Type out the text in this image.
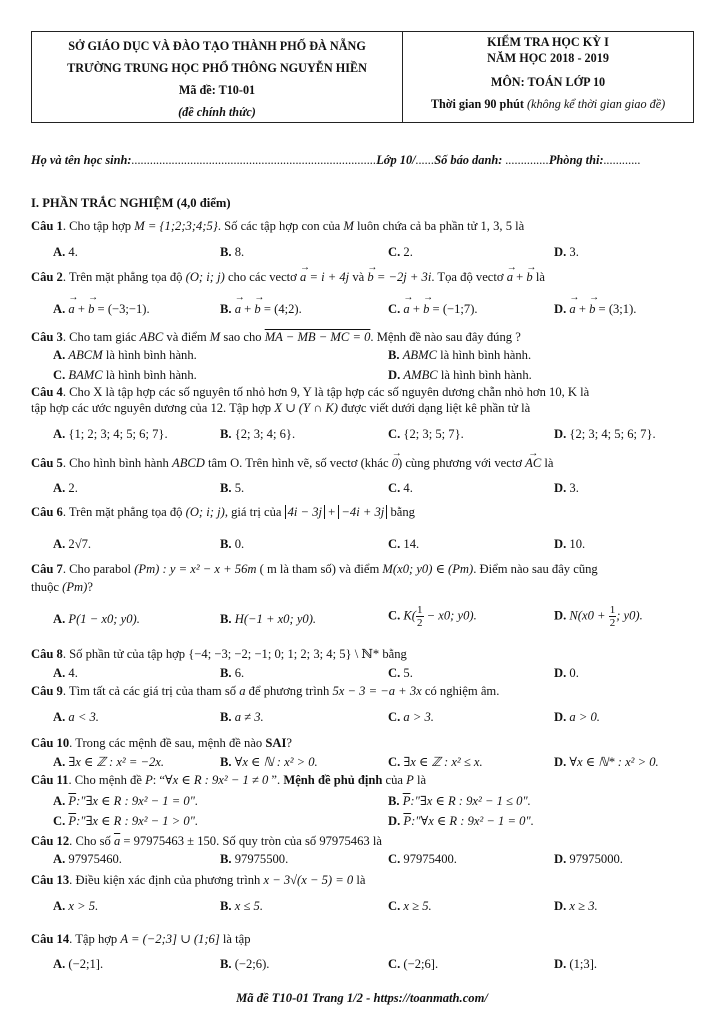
SỞ GIÁO DỤC VÀ ĐÀO TẠO THÀNH PHỐ ĐÀ NẴNG
TRƯỜNG TRUNG HỌC PHỔ THÔNG NGUYỄN HIỀN
Mã đề: T10-01
(đề chính thức)
KIỂM TRA HỌC KỲ I
NĂM HỌC 2018 - 2019
MÔN: TOÁN LỚP 10
Thời gian 90 phút (không kể thời gian giao đề)
Họ và tên học sinh:...............................................................................Lớp 10/......Số báo danh: ..............Phòng thi:............
I. PHẦN TRẮC NGHIỆM (4,0 điểm)
Câu 1. Cho tập hợp M = {1;2;3;4;5}. Số các tập hợp con của M luôn chứa cả ba phần tử 1, 3, 5 là
A. 4.	B. 8.	C. 2.	D. 3.
Câu 2. Trên mặt phẳng tọa độ (O; i; j) cho các vectơ → a = i + 4j và → b = −2j + 3i. Tọa độ vectơ → a + → b là
A. → a + → b = (−3;−1).	B. → a + → b = (4;2).	C. → a + → b = (−1;7).	D. → a + → b = (3;1).
Câu 3. Cho tam giác ABC và điểm M sao cho MA − MB − MC = 0. Mệnh đề nào sau đây đúng ?
A. ABCM là hình bình hành.	B. ABMC là hình bình hành.
C. BAMC là hình bình hành.	D. AMBC là hình bình hành.
Câu 4. Cho X là tập hợp các số nguyên tố nhỏ hơn 9, Y là tập hợp các số nguyên dương chẵn nhỏ hơn 10, K là
tập hợp các ước nguyên dương của 12. Tập hợp X ∪ (Y ∩ K) được viết dưới dạng liệt kê phần tử là
A. {1; 2; 3; 4; 5; 6; 7}.	B. {2; 3; 4; 6}.	C. {2; 3; 5; 7}.	D. {2; 3; 4; 5; 6; 7}.
Câu 5. Cho hình bình hành ABCD tâm O. Trên hình vẽ, số vectơ (khác → 0) cùng phương với vectơ → AC là
A. 2.	B. 5.	C. 4.	D. 3.
Câu 6. Trên mặt phẳng tọa độ (O; i; j), giá trị của 4i − 3j + −4i + 3j bằng
A. 2√7.	B. 0.	C. 14.	D. 10.
Câu 7. Cho parabol (Pm) : y = x² − x + 56m ( m là tham số) và điểm M(x0; y0) ∈ (Pm). Điểm nào sau đây cũng
thuộc (Pm)?
A. P(1 − x0; y0).	B. H(−1 + x0; y0).	C. $K( \frac{1}{2} - x0$; y0).	D. $N(x0 + \frac{1}{2}$ ; y0).
Câu 8. Số phần tử của tập hợp {−4; −3; −2; −1; 0; 1; 2; 3; 4; 5} \ ℕ* bằng
A. 4.	B. 6.	C. 5.	D. 0.
Câu 9. Tìm tất cả các giá trị của tham số a để phương trình 5x − 3 = −a + 3x có nghiệm âm.
A. a < 3.	B. a ≠ 3.	C. a > 3.	D. a > 0.
Câu 10. Trong các mệnh đề sau, mệnh đề nào SAI?
A. ∃x ∈ ℤ : x² = −2x.	B. ∀x ∈ ℕ : x² > 0.	C. ∃x ∈ ℤ : x² ≤ x.	D. ∀x ∈ ℕ* : x² > 0.
Câu 11. Cho mệnh đề P: “∀x ∈ R : 9x² − 1 ≠ 0 ”. Mệnh đề phủ định của P là
A. $\overline{P}:"\exists x$ ∈ R : 9x² − 1 = 0".	B. $\overline{P}:"\exists x$ ∈ R : 9x² − 1 ≤ 0".
C. $\overline{P}:"\exists x$ ∈ R : 9x² − 1 > 0".	D. $\overline{P}:"\forall x$ ∈ R : 9x² − 1 = 0".
Câu 12. Cho số $\overline{a} = 97975463 \pm 150$. Số quy tròn của số 97975463 là
A. 97975460.	B. 97975500.	C. 97975400.	D. 97975000.
Câu 13. Điều kiện xác định của phương trình x − 3√(x − 5) = 0 là
A. x > 5.	B. x ≤ 5.	C. x ≥ 5.	D. x ≥ 3.
Câu 14. Tập hợp A = (−2;3] ∪ (1;6] là tập
A. (−2;1].	B. (−2;6).	C. (−2;6].	D. (1;3].
Mã đề T10-01 Trang 1/2 - https://toanmath.com/
